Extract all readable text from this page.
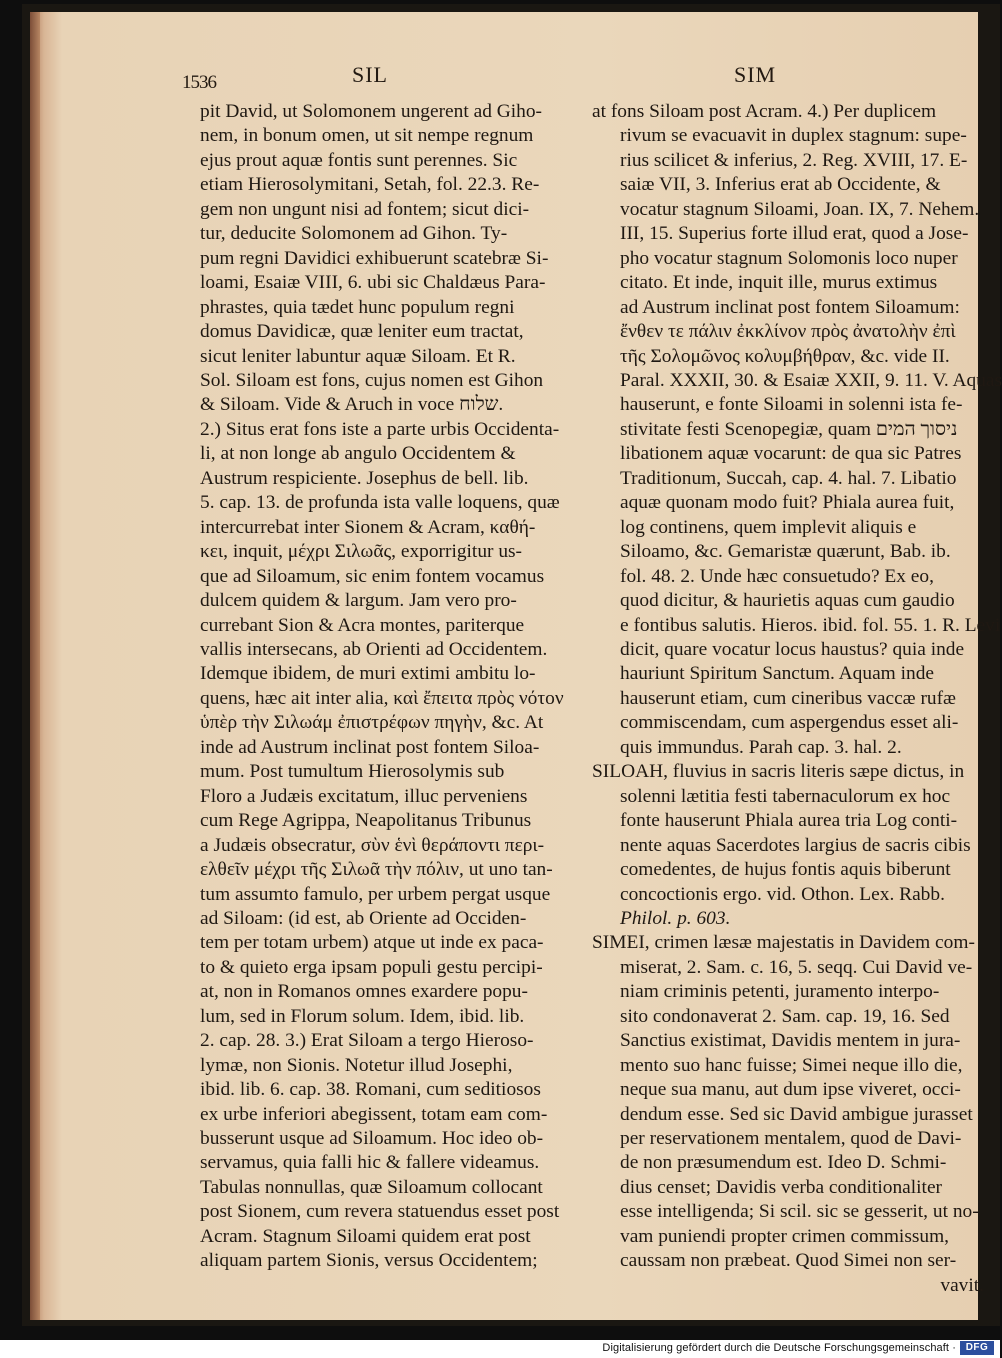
1536	SIL	SIM
pit David, ut Solomonem ungerent ad Giho-
nem, in bonum omen, ut sit nempe regnum
ejus prout aquæ fontis sunt perennes. Sic
etiam Hierosolymitani, Setah, fol. 22.3. Re-
gem non ungunt nisi ad fontem; sicut dici-
tur, deducite Solomonem ad Gihon. Ty-
pum regni Davidici exhibuerunt scatebræ Si-
loami, Esaiæ VIII, 6. ubi sic Chaldæus Para-
phrastes, quia tædet hunc populum regni
domus Davidicæ, quæ leniter eum tractat,
sicut leniter labuntur aquæ Siloam. Et R.
Sol. Siloam est fons, cujus nomen est Gihon
& Siloam. Vide & Aruch in voce שלוח.
2.) Situs erat fons iste a parte urbis Occidenta-
li, at non longe ab angulo Occidentem &
Austrum respiciente. Josephus de bell. lib.
5. cap. 13. de profunda ista valle loquens, quæ
intercurrebat inter Sionem & Acram, καθή-
κει, inquit, μέχρι Σιλωᾶς, exporrigitur us-
que ad Siloamum, sic enim fontem vocamus
dulcem quidem & largum. Jam vero pro-
currebant Sion & Acra montes, pariterque
vallis intersecans, ab Orienti ad Occidentem.
Idemque ibidem, de muri extimi ambitu lo-
quens, hæc ait inter alia, καὶ ἔπειτα πρὸς νότον
ὑπὲρ τὴν Σιλωάμ ἐπιστρέφων πηγὴν, &c. At
inde ad Austrum inclinat post fontem Siloa-
mum. Post tumultum Hierosolymis sub
Floro a Judæis excitatum, illuc perveniens
cum Rege Agrippa, Neapolitanus Tribunus
a Judæis obsecratur, σὺν ἑνὶ θεράποντι περι-
ελθεῖν μέχρι τῆς Σιλωᾶ τὴν πόλιν, ut uno tan-
tum assumto famulo, per urbem pergat usque
ad Siloam: (id est, ab Oriente ad Occiden-
tem per totam urbem) atque ut inde ex paca-
to & quieto erga ipsam populi gestu percipi-
at, non in Romanos omnes exardere popu-
lum, sed in Florum solum. Idem, ibid. lib.
2. cap. 28. 3.) Erat Siloam a tergo Hieroso-
lymæ, non Sionis. Notetur illud Josephi,
ibid. lib. 6. cap. 38. Romani, cum seditiosos
ex urbe inferiori abegissent, totam eam com-
busserunt usque ad Siloamum. Hoc ideo ob-
servamus, quia falli hic & fallere videamus.
Tabulas nonnullas, quæ Siloamum collocant
post Sionem, cum revera statuendus esset post
Acram. Stagnum Siloami quidem erat post
aliquam partem Sionis, versus Occidentem;
at fons Siloam post Acram. 4.) Per duplicem
rivum se evacuavit in duplex stagnum: supe-
rius scilicet & inferius, 2. Reg. XVIII, 17. E-
saiæ VII, 3. Inferius erat ab Occidente, &
vocatur stagnum Siloami, Joan. IX, 7. Nehem.
III, 15. Superius forte illud erat, quod a Jose-
pho vocatur stagnum Solomonis loco nuper
citato. Et inde, inquit ille, murus extimus
ad Austrum inclinat post fontem Siloamum:
ἔνθεν τε πάλιν ἐκκλίνον πρὸς ἀνατολὴν ἐπὶ
τῆς Σολομῶνος κολυμβήθραν, &c. vide II.
Paral. XXXII, 30. & Esaiæ XXII, 9. 11. V. Aquas
hauserunt, e fonte Siloami in solenni ista fe-
stivitate festi Scenopegiæ, quam ניסוך המים
libationem aquæ vocarunt: de qua sic Patres
Traditionum, Succah, cap. 4. hal. 7. Libatio
aquæ quonam modo fuit? Phiala aurea fuit,
log continens, quem implevit aliquis e
Siloamo, &c. Gemaristæ quærunt, Bab. ib.
fol. 48. 2. Unde hæc consuetudo? Ex eo,
quod dicitur, & haurietis aquas cum gaudio
e fontibus salutis. Hieros. ibid. fol. 55. 1. R. Levi
dicit, quare vocatur locus haustus? quia inde
hauriunt Spiritum Sanctum. Aquam inde
hauserunt etiam, cum cineribus vaccæ rufæ
commiscendam, cum aspergendus esset ali-
quis immundus. Parah cap. 3. hal. 2.
SILOAH, fluvius in sacris literis sæpe dictus, in
solenni lætitia festi tabernaculorum ex hoc
fonte hauserunt Phiala aurea tria Log conti-
nente aquas Sacerdotes largius de sacris cibis
comedentes, de hujus fontis aquis biberunt
concoctionis ergo. vid. Othon. Lex. Rabb.
Philol. p. 603.
SIMEI, crimen læsæ majestatis in Davidem com-
miserat, 2. Sam. c. 16, 5. seqq. Cui David ve-
niam criminis petenti, juramento interpo-
sito condonaverat 2. Sam. cap. 19, 16. Sed
Sanctius existimat, Davidis mentem in jura-
mento suo hanc fuisse; Simei neque illo die,
neque sua manu, aut dum ipse viveret, occi-
dendum esse. Sed sic David ambigue jurasset
per reservationem mentalem, quod de Davi-
de non præsumendum est. Ideo D. Schmi-
dius censet; Davidis verba conditionaliter
esse intelligenda; Si scil. sic se gesserit, ut no-
vam puniendi propter crimen commissum,
caussam non præbeat. Quod Simei non ser-
vavit.
Digitalisierung gefördert durch die Deutsche Forschungsgemeinschaft · DFG
